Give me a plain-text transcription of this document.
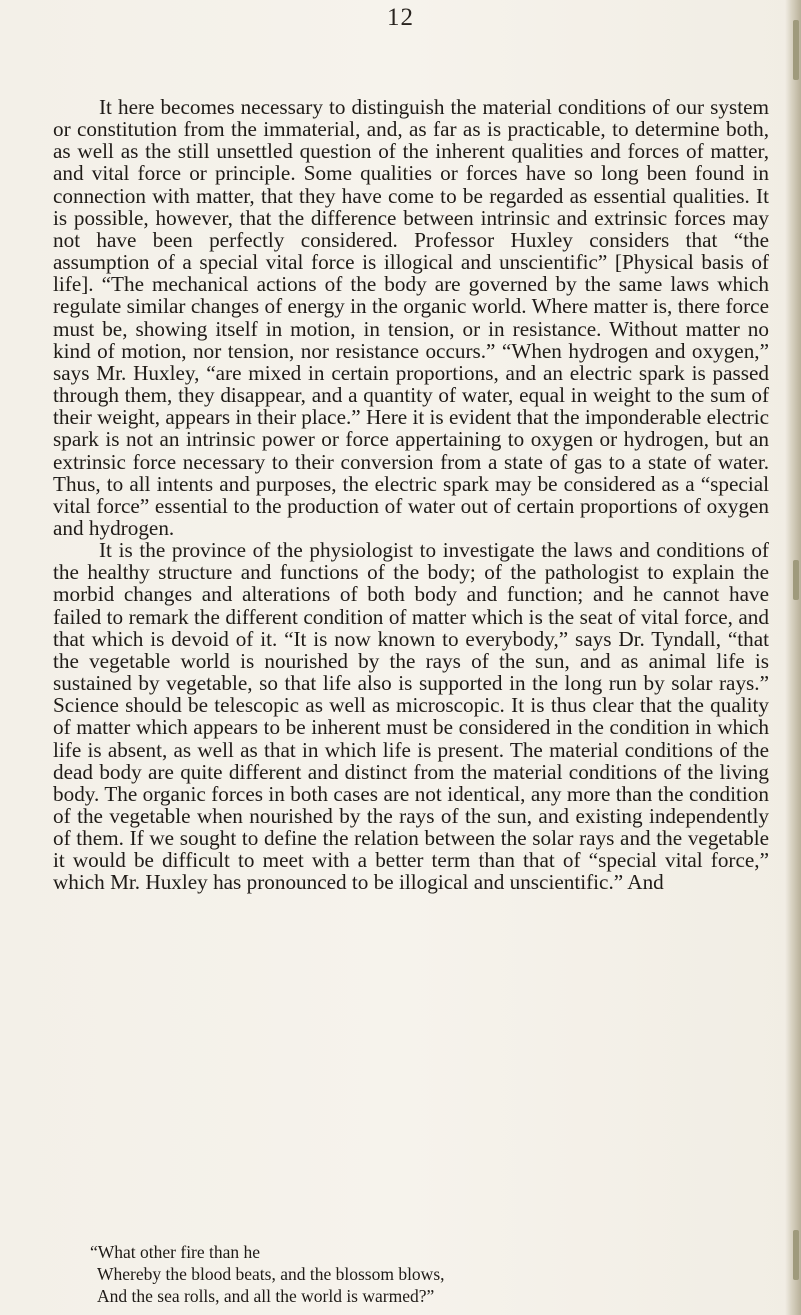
12

It here becomes necessary to distinguish the material conditions of our system or constitution from the immaterial, and, as far as is practicable, to determine both, as well as the still unsettled question of the inherent qualities and forces of matter, and vital force or principle. Some qualities or forces have so long been found in connection with matter, that they have come to be regarded as essential qualities. It is possible, however, that the difference between intrinsic and extrinsic forces may not have been perfectly considered. Professor Huxley considers that “the assumption of a special vital force is illogical and unscientific” [Physical basis of life]. “The mechanical actions of the body are governed by the same laws which regulate similar changes of energy in the organic world. Where matter is, there force must be, showing itself in motion, in tension, or in resistance. Without matter no kind of motion, nor tension, nor resistance occurs.” “When hydrogen and oxygen,” says Mr. Huxley, “are mixed in certain proportions, and an electric spark is passed through them, they disappear, and a quantity of water, equal in weight to the sum of their weight, appears in their place.” Here it is evident that the imponderable electric spark is not an intrinsic power or force appertaining to oxygen or hydrogen, but an extrinsic force necessary to their conversion from a state of gas to a state of water. Thus, to all intents and purposes, the electric spark may be considered as a “special vital force” essential to the production of water out of certain proportions of oxygen and hydrogen.

It is the province of the physiologist to investigate the laws and conditions of the healthy structure and functions of the body; of the pathologist to explain the morbid changes and alterations of both body and function; and he cannot have failed to remark the different condition of matter which is the seat of vital force, and that which is devoid of it. “It is now known to everybody,” says Dr. Tyndall, “that the vegetable world is nourished by the rays of the sun, and as animal life is sustained by vegetable, so that life also is supported in the long run by solar rays.” Science should be telescopic as well as microscopic. It is thus clear that the quality of matter which appears to be inherent must be considered in the condition in which life is absent, as well as that in which life is present. The material conditions of the dead body are quite different and distinct from the material conditions of the living body. The organic forces in both cases are not identical, any more than the condition of the vegetable when nourished by the rays of the sun, and existing independently of them. If we sought to define the relation between the solar rays and the vegetable it would be difficult to meet with a better term than that of “special vital force,” which Mr. Huxley has pronounced to be illogical and unscientific.” And

“What other fire than he
Whereby the blood beats, and the blossom blows,
And the sea rolls, and all the world is warmed?”
